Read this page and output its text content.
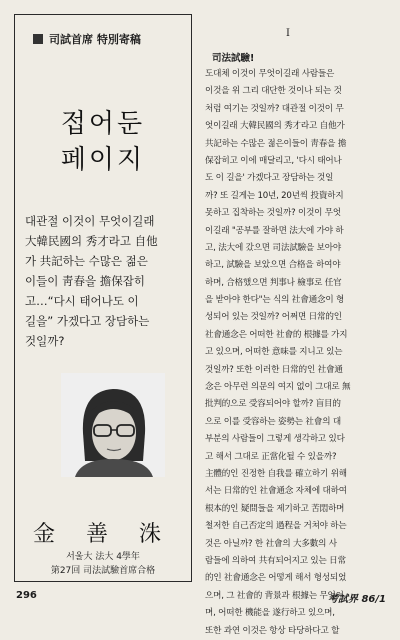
司試首席 特別寄稿
접어둔
페이지
대관절 이것이 무엇이길래
大韓民國의 秀才라고 自他
가 共記하는 수많은 젊은
이들이 靑春을 擔保잡히
고…“다시 태어나도 이
길을” 가겠다고 장담하는
것일까?
金 善 洙
서울大 法大 4學年
第27回 司法試驗首席合格
I
司法試驗!
도대체 이것이 무엇이길래 사람들은
이것을 위 그리 대단한 것이나 되는 것
처럼 여기는 것일까? 대관절 이것이 무
엇이길래 大韓民國의 秀才라고 自他가
共記하는 수많은 젊은이들이 靑春을 擔
保잡히고 이에 매달리고, '다시 태어나
도 이 길을' 가겠다고 장담하는 것일
까? 또 길게는 10년, 20년씩 投資하지
못하고 집착하는 것일까? 이것이 무엇
이길래 "공부를 잘하면 法大에 가야 하
고, 法大에 갔으면 司法試驗을 보아야
하고, 試驗을 보았으면 合格을 하여야
하며, 合格했으면 判事나 檢事로 任官
을 받아야 한다"는 식의 社會通念이 형
성되어 있는 것일까? 어쩌면 日常的인
社會通念은 어떠한 社會的 根據를 가지
고 있으며, 어떠한 意味를 지니고 있는
것일까? 또한 이러한 日常的인 社會通
念은 아무런 의문의 여지 없이 그대로 無
批判的으로 受容되어야 할까? 盲目的
으로 이를 受容하는 姿勢는 社會의 대
부분의 사람들이 그렇게 생각하고 있다
고 해서 그대로 正當化될 수 있을까?
主體的인 진정한 自我를 確立하기 위해
서는 日常的인 社會通念 자체에 대하여
根本的인 疑問들을 제기하고 苦悶하며
철저한 自己否定의 過程을 거쳐야 하는
것은 아닐까? 한 社會의 大多數의 사
람들에 의하여 共有되어지고 있는 日常
的인 社會通念은 어떻게 해서 형성되었
으며, 그 社會的 背景과 根據는 무엇이
며, 어떠한 機能을 遂行하고 있으며,
또한 과연 이것은 항상 타당하다고 할
296	考試界 86/1
